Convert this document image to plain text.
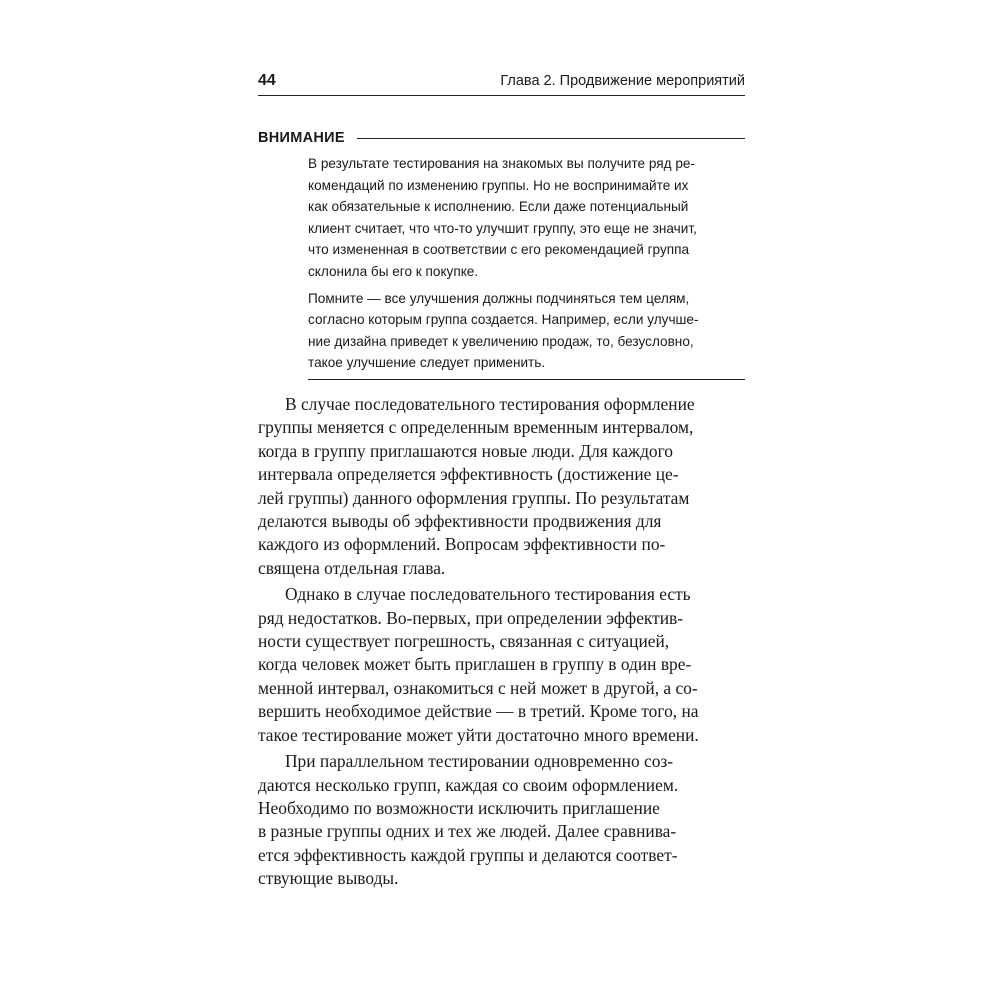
44	Глава 2. Продвижение мероприятий
ВНИМАНИЕ

В результате тестирования на знакомых вы получите ряд ре-
комендаций по изменению группы. Но не воспринимайте их
как обязательные к исполнению. Если даже потенциальный
клиент считает, что что-то улучшит группу, это еще не значит,
что измененная в соответствии с его рекомендацией группа
склонила бы его к покупке.

Помните — все улучшения должны подчиняться тем целям,
согласно которым группа создается. Например, если улучше-
ние дизайна приведет к увеличению продаж, то, безусловно,
такое улучшение следует применить.

В случае последовательного тестирования оформление
группы меняется с определенным временным интервалом,
когда в группу приглашаются новые люди. Для каждого
интервала определяется эффективность (достижение це-
лей группы) данного оформления группы. По результатам
делаются выводы об эффективности продвижения для
каждого из оформлений. Вопросам эффективности по-
священа отдельная глава.

Однако в случае последовательного тестирования есть
ряд недостатков. Во-первых, при определении эффектив-
ности существует погрешность, связанная с ситуацией,
когда человек может быть приглашен в группу в один вре-
менной интервал, ознакомиться с ней может в другой, а со-
вершить необходимое действие — в третий. Кроме того, на
такое тестирование может уйти достаточно много времени.

При параллельном тестировании одновременно соз-
даются несколько групп, каждая со своим оформлением.
Необходимо по возможности исключить приглашение
в разные группы одних и тех же людей. Далее сравнива-
ется эффективность каждой группы и делаются соответ-
ствующие выводы.
